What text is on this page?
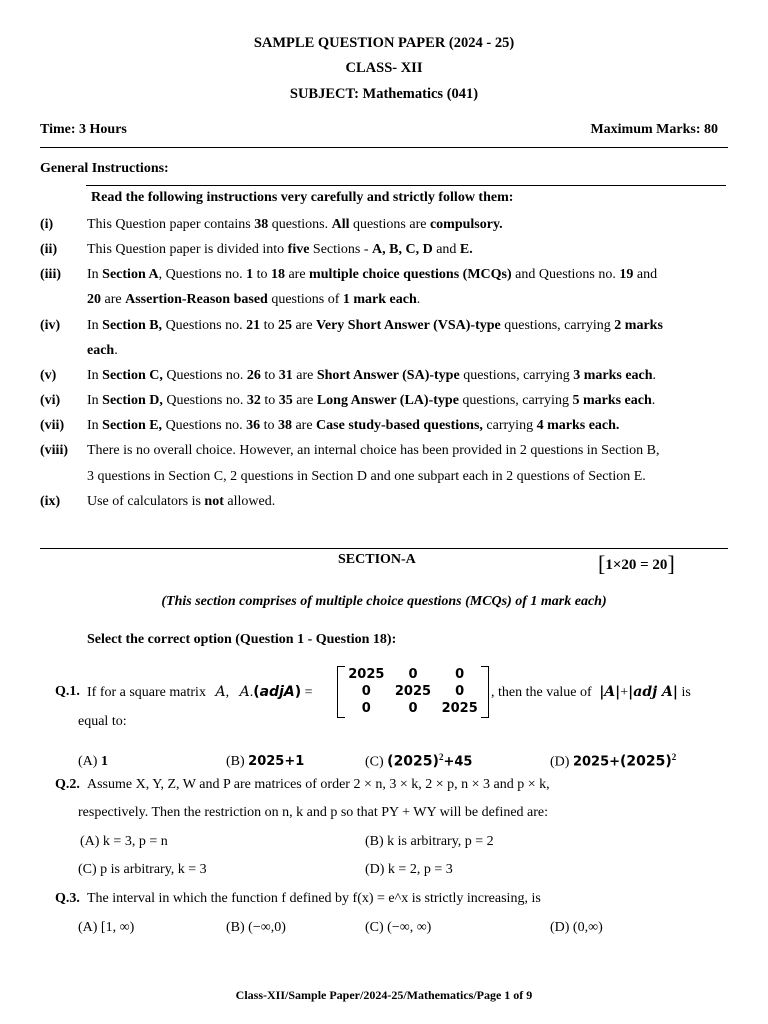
SAMPLE QUESTION PAPER (2024 - 25)
CLASS- XII
SUBJECT: Mathematics (041)
Time: 3 Hours	Maximum Marks: 80
General Instructions:
Read the following instructions very carefully and strictly follow them:
(i) This Question paper contains 38 questions. All questions are compulsory.
(ii) This Question paper is divided into five Sections - A, B, C, D and E.
(iii) In Section A, Questions no. 1 to 18 are multiple choice questions (MCQs) and Questions no. 19 and
20 are Assertion-Reason based questions of 1 mark each.
(iv) In Section B, Questions no. 21 to 25 are Very Short Answer (VSA)-type questions, carrying 2 marks
each.
(v) In Section C, Questions no. 26 to 31 are Short Answer (SA)-type questions, carrying 3 marks each.
(vi) In Section D, Questions no. 32 to 35 are Long Answer (LA)-type questions, carrying 5 marks each.
(vii) In Section E, Questions no. 36 to 38 are Case study-based questions, carrying 4 marks each.
(viii) There is no overall choice. However, an internal choice has been provided in 2 questions in Section B,
3 questions in Section C, 2 questions in Section D and one subpart each in 2 questions of Section E.
(ix) Use of calculators is not allowed.
SECTION-A	[1×20 = 20]
(This section comprises of multiple choice questions (MCQs) of 1 mark each)
Select the correct option (Question 1 - Question 18):
Q.1. If for a square matrix A,   A.(adjA) =
2025	0	0
0	2025	0
0	0	2025
, then the value of |A|+|adj A| is
equal to:
(A) 1	(B) 2025+1	(C) $(2025)^2+45$	(D) $2025+(2025)^2$
Q.2. Assume X, Y, Z, W and P are matrices of order 2 × n, 3 × k, 2 × p, n × 3 and p × k,
respectively. Then the restriction on n, k and p so that PY + WY will be defined are:
(A) k = 3, p = n	(B) k is arbitrary, p = 2
(C) p is arbitrary, k = 3	(D) k = 2, p = 3
Q.3. The interval in which the function f defined by f(x) = e^x is strictly increasing, is
(A) [1, ∞)	(B) (−∞,0)	(C) (−∞, ∞)	(D) (0,∞)
Class-XII/Sample Paper/2024-25/Mathematics/Page 1 of 9
